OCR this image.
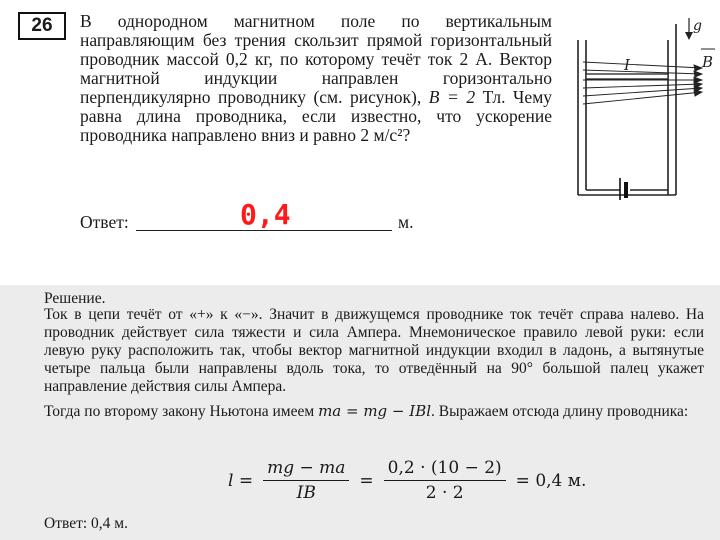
26	В однородном магнитном поле по вертикальным направляющим без трения скользит прямой горизонтальный проводник массой 0,2 кг, по которому течёт ток 2 А. Вектор магнитной индукции направлен горизонтально перпендикулярно проводнику (см. рисунок), B = 2 Тл. Чему равна длина проводника, если известно, что ускорение проводника направлено вниз и равно 2 м/с²?

Ответ:	м.
0,4
g
I	B
Решение.

Ток в цепи течёт от «+» к «−». Значит в движущемся проводнике ток течёт справа налево. На проводник действует сила тяжести и сила Ампера. Мнемоническое правило левой руки: если левую руку расположить так, чтобы вектор магнитной индукции входил в ладонь, а вытянутые четыре пальца были направлены вдоль тока, то отведённый на 90° большой палец укажет направление действия силы Ампера.

Тогда по второму закону Ньютона имеем ma = mg − IBl. Выражаем отсюда длину проводника:

$l = \frac{mg - ma}{IB} = \frac{0,2 \cdot (10 - 2)}{2 \cdot 2} = 0,4$ м.
Ответ: 0,4 м.
